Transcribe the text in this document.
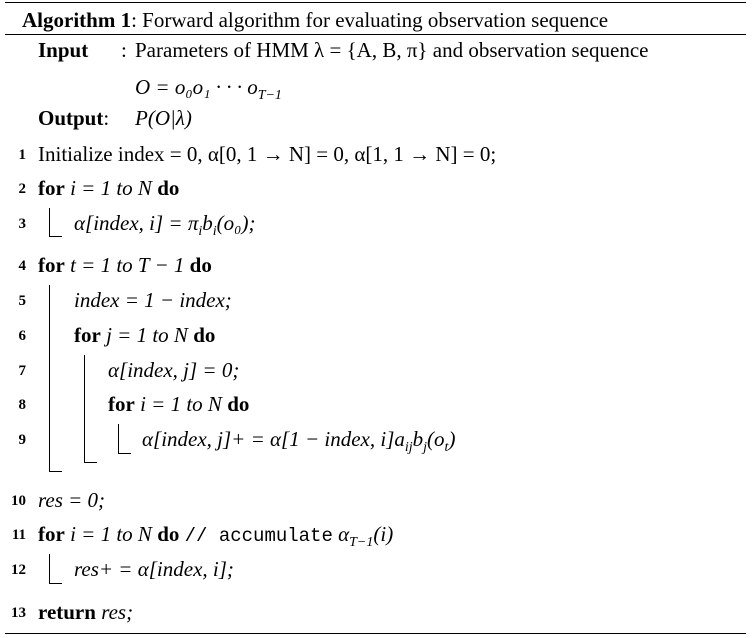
Algorithm 1: Forward algorithm for evaluating observation sequence
Input : Parameters of HMM λ = {A, B, π} and observation sequence
O = o₀o₁ · · · $o_{T-1}$
Output: P(O|λ)
1 Initialize index = 0, α[0, 1 → N] = 0, α[1, 1 → N] = 0;
2 for i = 1 to N do
3 α[index, $i] = \pi_ib_i(o_0)$;
4 for t = 1 to T − 1 do
5 index = 1 − index;
6 for j = 1 to N do
7	α[index, j] = 0;
8	for i = 1 to N do
9	α[index, j]+ = α[1 − index, $i]a_{ij}b_j(o_t)$
10 res = 0;
11 for i = 1 to N do // accumulate $\alpha_{T-1}(i)$
12 res+ = α[index, i];
13 return res;
